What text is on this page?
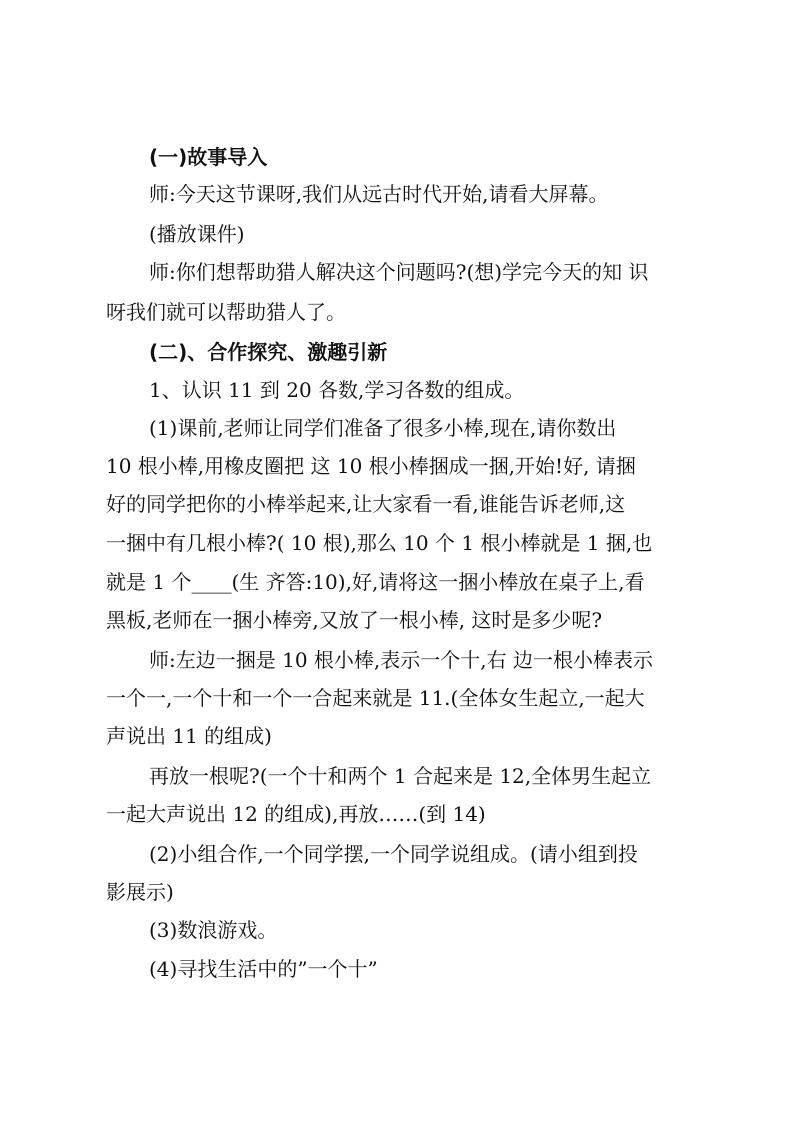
(一)故事导入
师:今天这节课呀,我们从远古时代开始,请看大屏幕。
(播放课件)
师:你们想帮助猎人解决这个问题吗?(想)学完今天的知 识
呀我们就可以帮助猎人了。
(二)、合作探究、激趣引新
1、认识 11 到 20 各数,学习各数的组成。
(1)课前,老师让同学们准备了很多小棒,现在,请你数出
10 根小棒,用橡皮圈把 这 10 根小棒捆成一捆,开始!好, 请捆
好的同学把你的小棒举起来,让大家看一看,谁能告诉老师,这
一捆中有几根小棒?( 10 根),那么 10 个 1 根小棒就是 1 捆,也
就是 1 个____(生 齐答:10),好,请将这一捆小棒放在桌子上,看
黑板,老师在一捆小棒旁,又放了一根小棒, 这时是多少呢?
师:左边一捆是 10 根小棒,表示一个十,右 边一根小棒表示
一个一,一个十和一个一合起来就是 11.(全体女生起立,一起大
声说出 11 的组成)
再放一根呢?(一个十和两个 1 合起来是 12,全体男生起立
一起大声说出 12 的组成),再放……(到 14)
(2)小组合作,一个同学摆,一个同学说组成。(请小组到投
影展示)
(3)数浪游戏。
(4)寻找生活中的”一个十”
